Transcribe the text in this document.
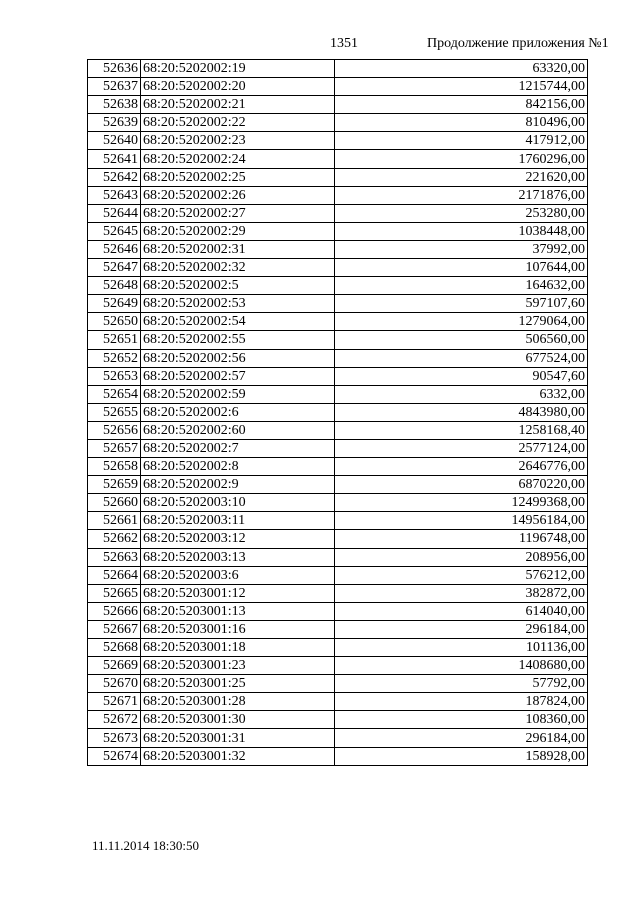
1351	Продолжение приложения №1
52636	68:20:5202002:19	63320,00
52637	68:20:5202002:20	1215744,00
52638	68:20:5202002:21	842156,00
52639	68:20:5202002:22	810496,00
52640	68:20:5202002:23	417912,00
52641	68:20:5202002:24	1760296,00
52642	68:20:5202002:25	221620,00
52643	68:20:5202002:26	2171876,00
52644	68:20:5202002:27	253280,00
52645	68:20:5202002:29	1038448,00
52646	68:20:5202002:31	37992,00
52647	68:20:5202002:32	107644,00
52648	68:20:5202002:5	164632,00
52649	68:20:5202002:53	597107,60
52650	68:20:5202002:54	1279064,00
52651	68:20:5202002:55	506560,00
52652	68:20:5202002:56	677524,00
52653	68:20:5202002:57	90547,60
52654	68:20:5202002:59	6332,00
52655	68:20:5202002:6	4843980,00
52656	68:20:5202002:60	1258168,40
52657	68:20:5202002:7	2577124,00
52658	68:20:5202002:8	2646776,00
52659	68:20:5202002:9	6870220,00
52660	68:20:5202003:10	12499368,00
52661	68:20:5202003:11	14956184,00
52662	68:20:5202003:12	1196748,00
52663	68:20:5202003:13	208956,00
52664	68:20:5202003:6	576212,00
52665	68:20:5203001:12	382872,00
52666	68:20:5203001:13	614040,00
52667	68:20:5203001:16	296184,00
52668	68:20:5203001:18	101136,00
52669	68:20:5203001:23	1408680,00
52670	68:20:5203001:25	57792,00
52671	68:20:5203001:28	187824,00
52672	68:20:5203001:30	108360,00
52673	68:20:5203001:31	296184,00
52674	68:20:5203001:32	158928,00
11.11.2014 18:30:50
